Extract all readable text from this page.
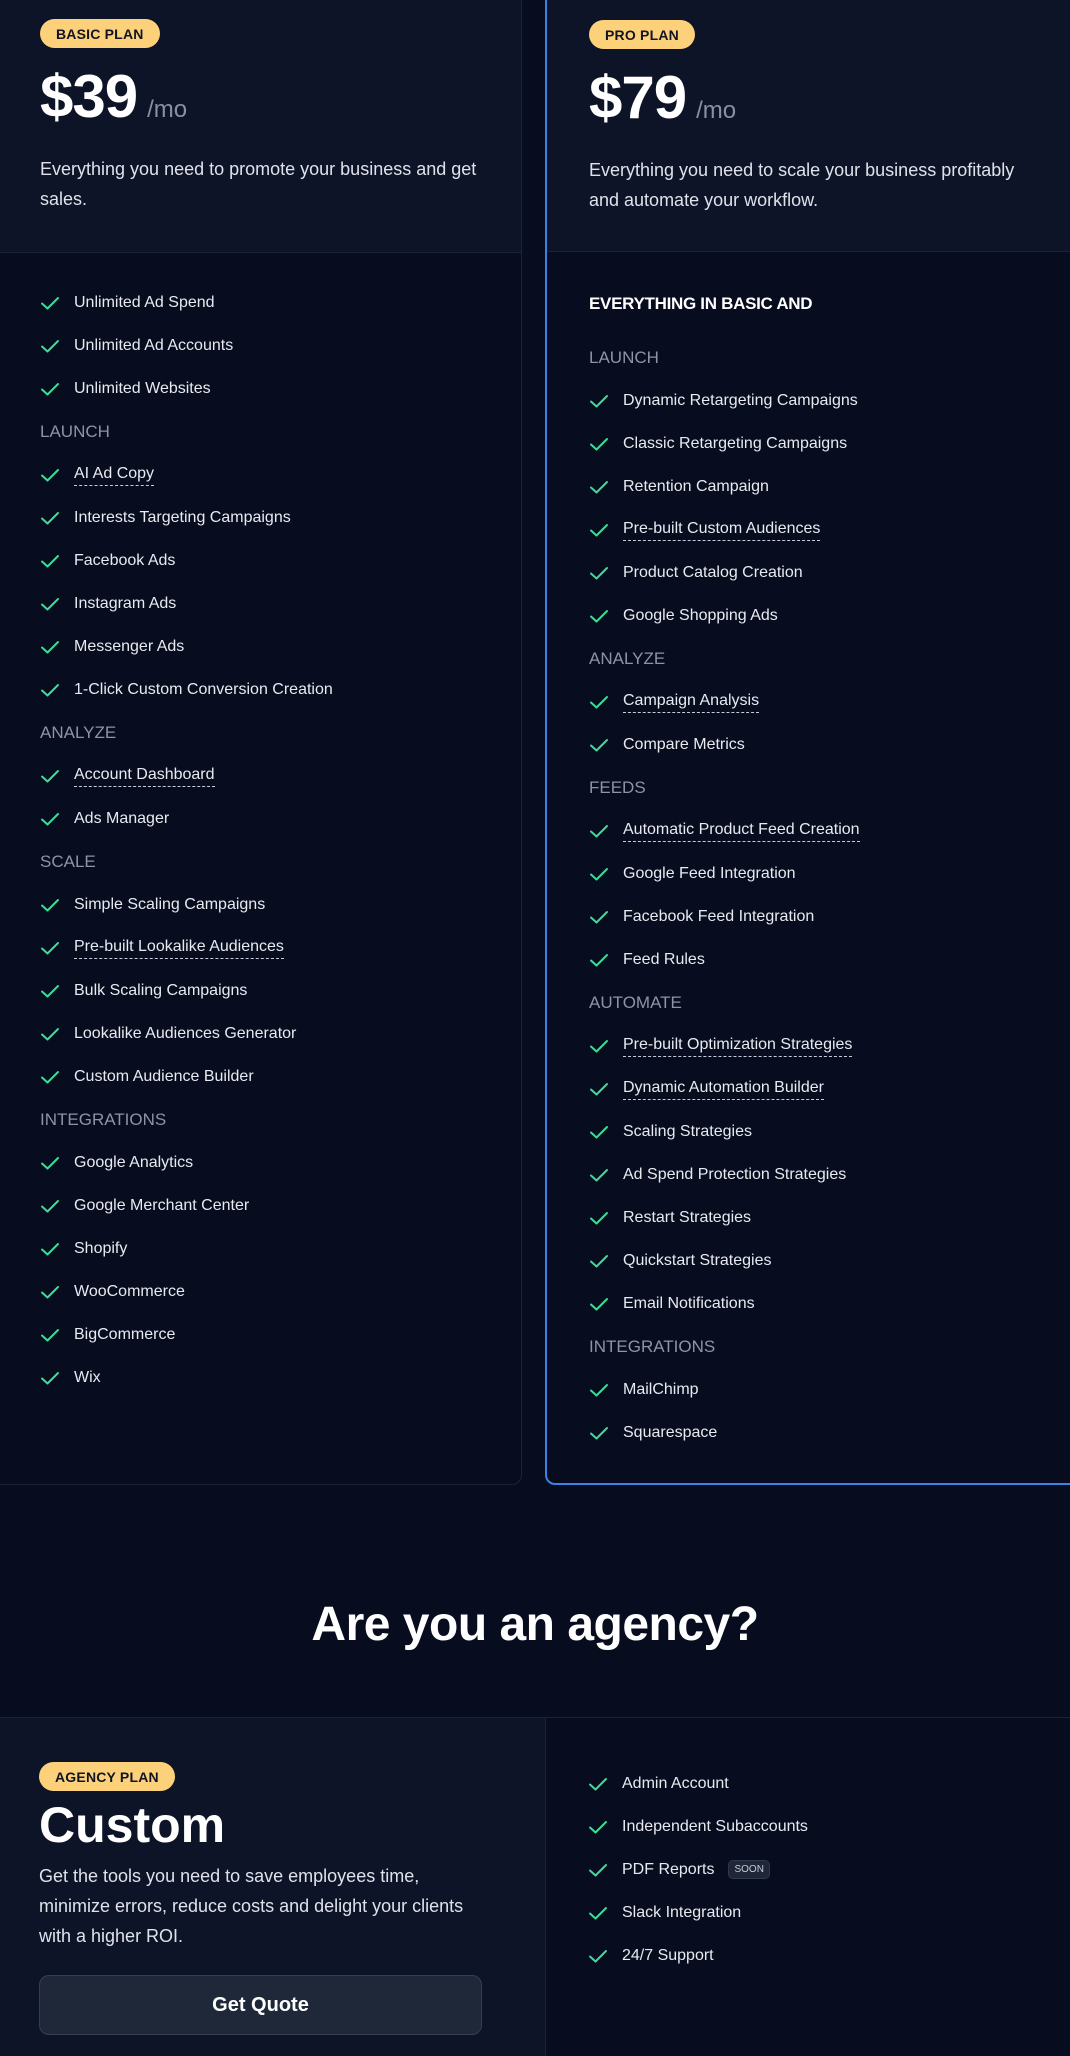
BASIC PLAN
$39 /mo
Everything you need to promote your business and get sales.
Unlimited Ad Spend
Unlimited Ad Accounts
Unlimited Websites
LAUNCH
AI Ad Copy
Interests Targeting Campaigns
Facebook Ads
Instagram Ads
Messenger Ads
1-Click Custom Conversion Creation
ANALYZE
Account Dashboard
Ads Manager
SCALE
Simple Scaling Campaigns
Pre-built Lookalike Audiences
Bulk Scaling Campaigns
Lookalike Audiences Generator
Custom Audience Builder
INTEGRATIONS
Google Analytics
Google Merchant Center
Shopify
WooCommerce
BigCommerce
Wix
PRO PLAN
$79 /mo
Everything you need to scale your business profitably and automate your workflow.
EVERYTHING IN BASIC AND
LAUNCH
Dynamic Retargeting Campaigns
Classic Retargeting Campaigns
Retention Campaign
Pre-built Custom Audiences
Product Catalog Creation
Google Shopping Ads
ANALYZE
Campaign Analysis
Compare Metrics
FEEDS
Automatic Product Feed Creation
Google Feed Integration
Facebook Feed Integration
Feed Rules
AUTOMATE
Pre-built Optimization Strategies
Dynamic Automation Builder
Scaling Strategies
Ad Spend Protection Strategies
Restart Strategies
Quickstart Strategies
Email Notifications
INTEGRATIONS
MailChimp
Squarespace
Are you an agency?
AGENCY PLAN
Custom
Get the tools you need to save employees time, minimize errors, reduce costs and delight your clients with a higher ROI.
Get Quote
Admin Account
Independent Subaccounts
PDF Reports	SOON
Slack Integration
24/7 Support
